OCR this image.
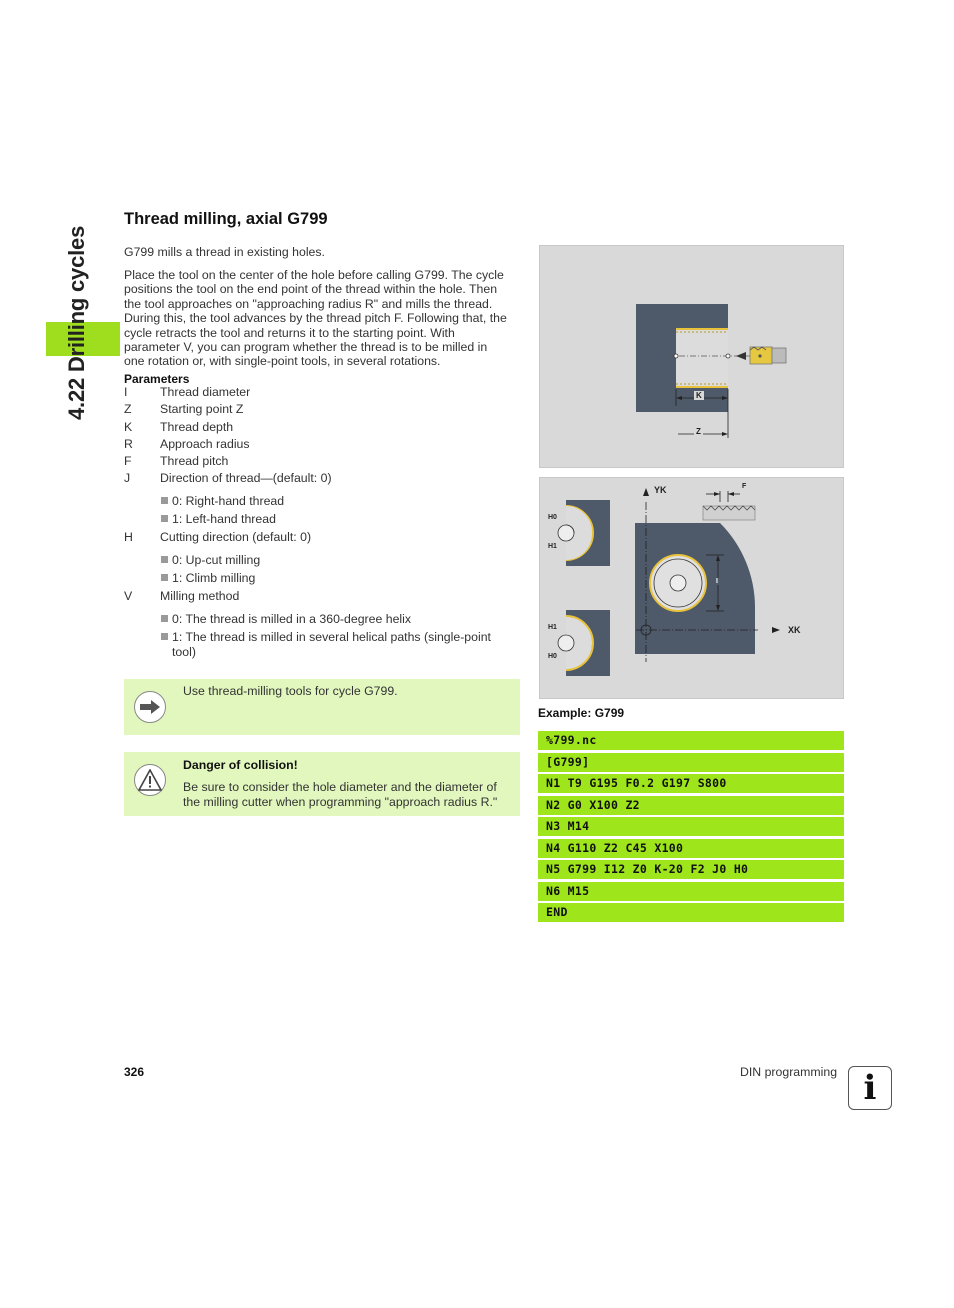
4.22 Drilling cycles
Thread milling, axial G799
G799 mills a thread in existing holes.
Place the tool on the center of the hole before calling G799. The cycle
positions the tool on the end point of the thread within the hole. Then
the tool approaches on "approaching radius R" and mills the thread.
During this, the tool advances by the thread pitch F. Following that, the
cycle retracts the tool and returns it to the starting point. With
parameter V, you can program whether the thread is to be milled in
one rotation or, with single-point tools, in several rotations.
Parameters
I	Thread diameter
Z Starting point Z
K Thread depth
R Approach radius
F Thread pitch
J Direction of thread—(default: 0)
0: Right-hand thread
1: Left-hand thread
H Cutting direction (default: 0)
0: Up-cut milling
1: Climb milling
V Milling method
0: The thread is milled in a 360-degree helix
1: The thread is milled in several helical paths (single-point
tool)
Use thread-milling tools for cycle G799.
Danger of collision!
Be sure to consider the hole diameter and the diameter of
the milling cutter when programming "approach radius R."
K
Z
YK
XK
F
I
H0
H1
H1
H0
Example: G799
%799.nc
[G799]
N1 T9 G195 F0.2 G197 S800
N2 G0 X100 Z2
N3 M14
N4 G110 Z2 C45 X100
N5 G799 I12 Z0 K-20 F2 J0 H0
N6 M15
END
326	DIN programming i
